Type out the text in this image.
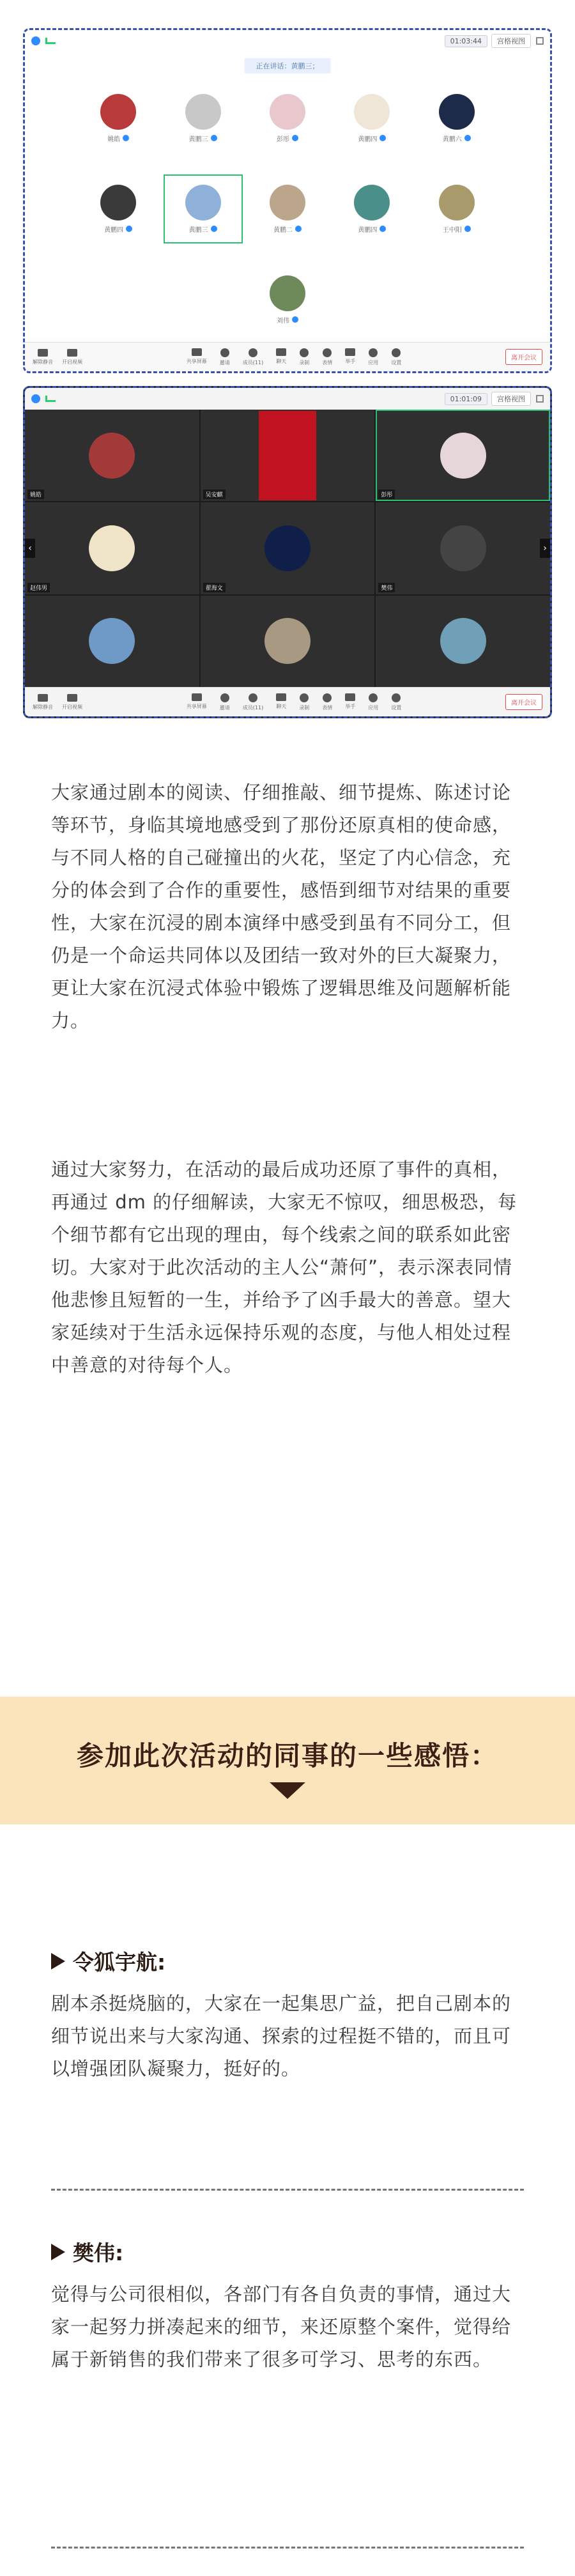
01:03:44	宫格视图
正在讲话：黄鹏三；
姚皓	黄鹏三	彭彤	黄鹏四	黄鹏六
黄鹏四	黄鹏三	黄鹏二	黄鹏四	王中阳
刘伟
解除静音 开启视频	共享屏幕	邀请	成员(11)	聊天	录制	表情	举手	应用	设置
离开会议
01:01:09	宫格视图
‹	›
姚皓	吴安麒	彭彤
赵伟男	翟海文	樊伟
解除静音 开启视频	共享屏幕	邀请	成员(11)	聊天	录制	表情	举手	应用	设置
离开会议

大家通过剧本的阅读、仔细推敲、细节提炼、陈述讨论等环节，身临其境地感受到了那份还原真相的使命感，与不同人格的自己碰撞出的火花，坚定了内心信念，充分的体会到了合作的重要性，感悟到细节对结果的重要性，大家在沉浸的剧本演绎中感受到虽有不同分工，但仍是一个命运共同体以及团结一致对外的巨大凝聚力，更让大家在沉浸式体验中锻炼了逻辑思维及问题解析能力。

通过大家努力，在活动的最后成功还原了事件的真相，再通过 dm 的仔细解读，大家无不惊叹，细思极恐，每个细节都有它出现的理由，每个线索之间的联系如此密切。大家对于此次活动的主人公“萧何”，表示深表同情他悲惨且短暂的一生，并给予了凶手最大的善意。望大家延续对于生活永远保持乐观的态度，与他人相处过程中善意的对待每个人。

参加此次活动的同事的一些感悟：
令狐宇航:

剧本杀挺烧脑的，大家在一起集思广益，把自己剧本的细节说出来与大家沟通、探索的过程挺不错的，而且可以增强团队凝聚力，挺好的。

樊伟:

觉得与公司很相似，各部门有各自负责的事情，通过大家一起努力拼凑起来的细节，来还原整个案件，觉得给属于新销售的我们带来了很多可学习、思考的东西。
